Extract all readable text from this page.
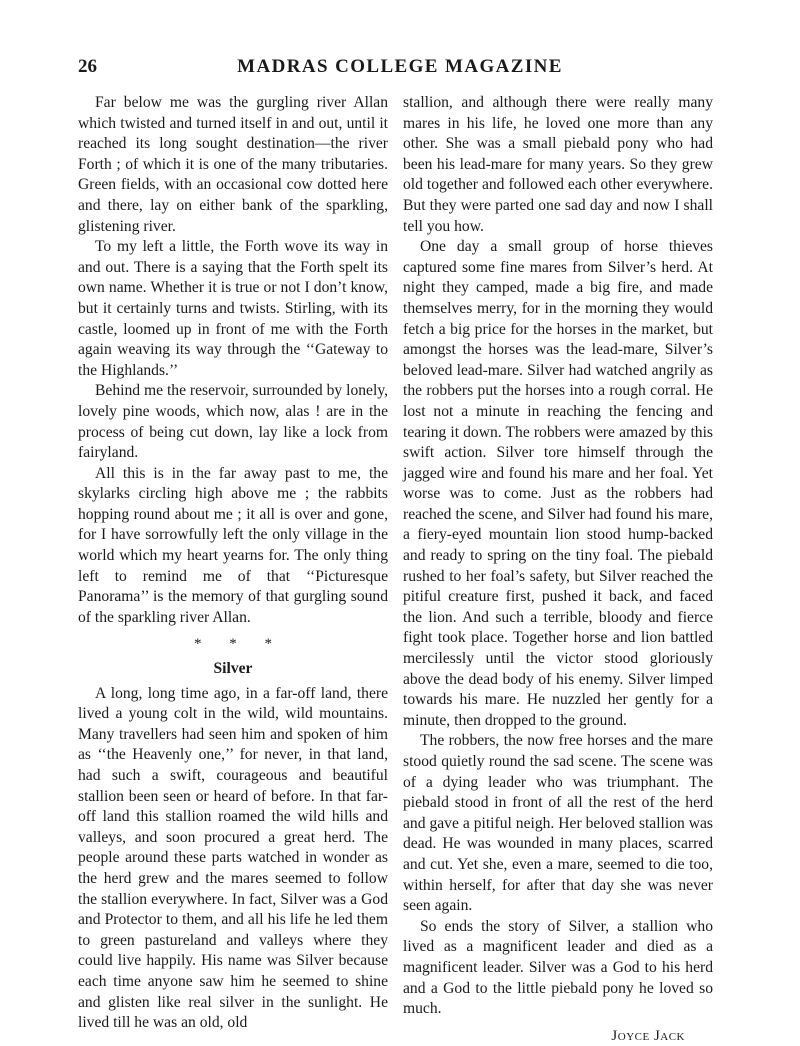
26	MADRAS COLLEGE MAGAZINE

Far below me was the gurgling river Allan which twisted and turned itself in and out, until it reached its long sought destination—the river Forth ; of which it is one of the many tributaries. Green fields, with an occasional cow dotted here and there, lay on either bank of the sparkling, glistening river.

To my left a little, the Forth wove its way in and out. There is a saying that the Forth spelt its own name. Whether it is true or not I don’t know, but it certainly turns and twists. Stirling, with its castle, loomed up in front of me with the Forth again weaving its way through the ‘‘Gateway to the Highlands.’’

Behind me the reservoir, surrounded by lonely, lovely pine woods, which now, alas ! are in the process of being cut down, lay like a lock from fairyland.

All this is in the far away past to me, the skylarks circling high above me ; the rabbits hopping round about me ; it all is over and gone, for I have sorrowfully left the only village in the world which my heart yearns for. The only thing left to remind me of that ‘‘Picturesque Panorama’’ is the memory of that gurgling sound of the sparkling river Allan.

* * *
Silver

A long, long time ago, in a far-off land, there lived a young colt in the wild, wild mountains. Many travellers had seen him and spoken of him as ‘‘the Heavenly one,’’ for never, in that land, had such a swift, courageous and beautiful stallion been seen or heard of before. In that far-off land this stallion roamed the wild hills and valleys, and soon procured a great herd. The people around these parts watched in wonder as the herd grew and the mares seemed to follow the stallion everywhere. In fact, Silver was a God and Protector to them, and all his life he led them to green pastureland and valleys where they could live happily. His name was Silver because each time anyone saw him he seemed to shine and glisten like real silver in the sunlight. He lived till he was an old, old

stallion, and although there were really many mares in his life, he loved one more than any other. She was a small piebald pony who had been his lead-mare for many years. So they grew old together and followed each other everywhere. But they were parted one sad day and now I shall tell you how.

One day a small group of horse thieves captured some fine mares from Silver’s herd. At night they camped, made a big fire, and made themselves merry, for in the morning they would fetch a big price for the horses in the market, but amongst the horses was the lead-mare, Silver’s beloved lead-mare. Silver had watched angrily as the robbers put the horses into a rough corral. He lost not a minute in reaching the fencing and tearing it down. The robbers were amazed by this swift action. Silver tore himself through the jagged wire and found his mare and her foal. Yet worse was to come. Just as the robbers had reached the scene, and Silver had found his mare, a fiery-eyed mountain lion stood hump-backed and ready to spring on the tiny foal. The piebald rushed to her foal’s safety, but Silver reached the pitiful creature first, pushed it back, and faced the lion. And such a terrible, bloody and fierce fight took place. Together horse and lion battled mercilessly until the victor stood gloriously above the dead body of his enemy. Silver limped towards his mare. He nuzzled her gently for a minute, then dropped to the ground.

The robbers, the now free horses and the mare stood quietly round the sad scene. The scene was of a dying leader who was triumphant. The piebald stood in front of all the rest of the herd and gave a pitiful neigh. Her beloved stallion was dead. He was wounded in many places, scarred and cut. Yet she, even a mare, seemed to die too, within herself, for after that day she was never seen again.

So ends the story of Silver, a stallion who lived as a magnificent leader and died as a magnificent leader. Silver was a God to his herd and a God to the little piebald pony he loved so much.

Joyce Jack
